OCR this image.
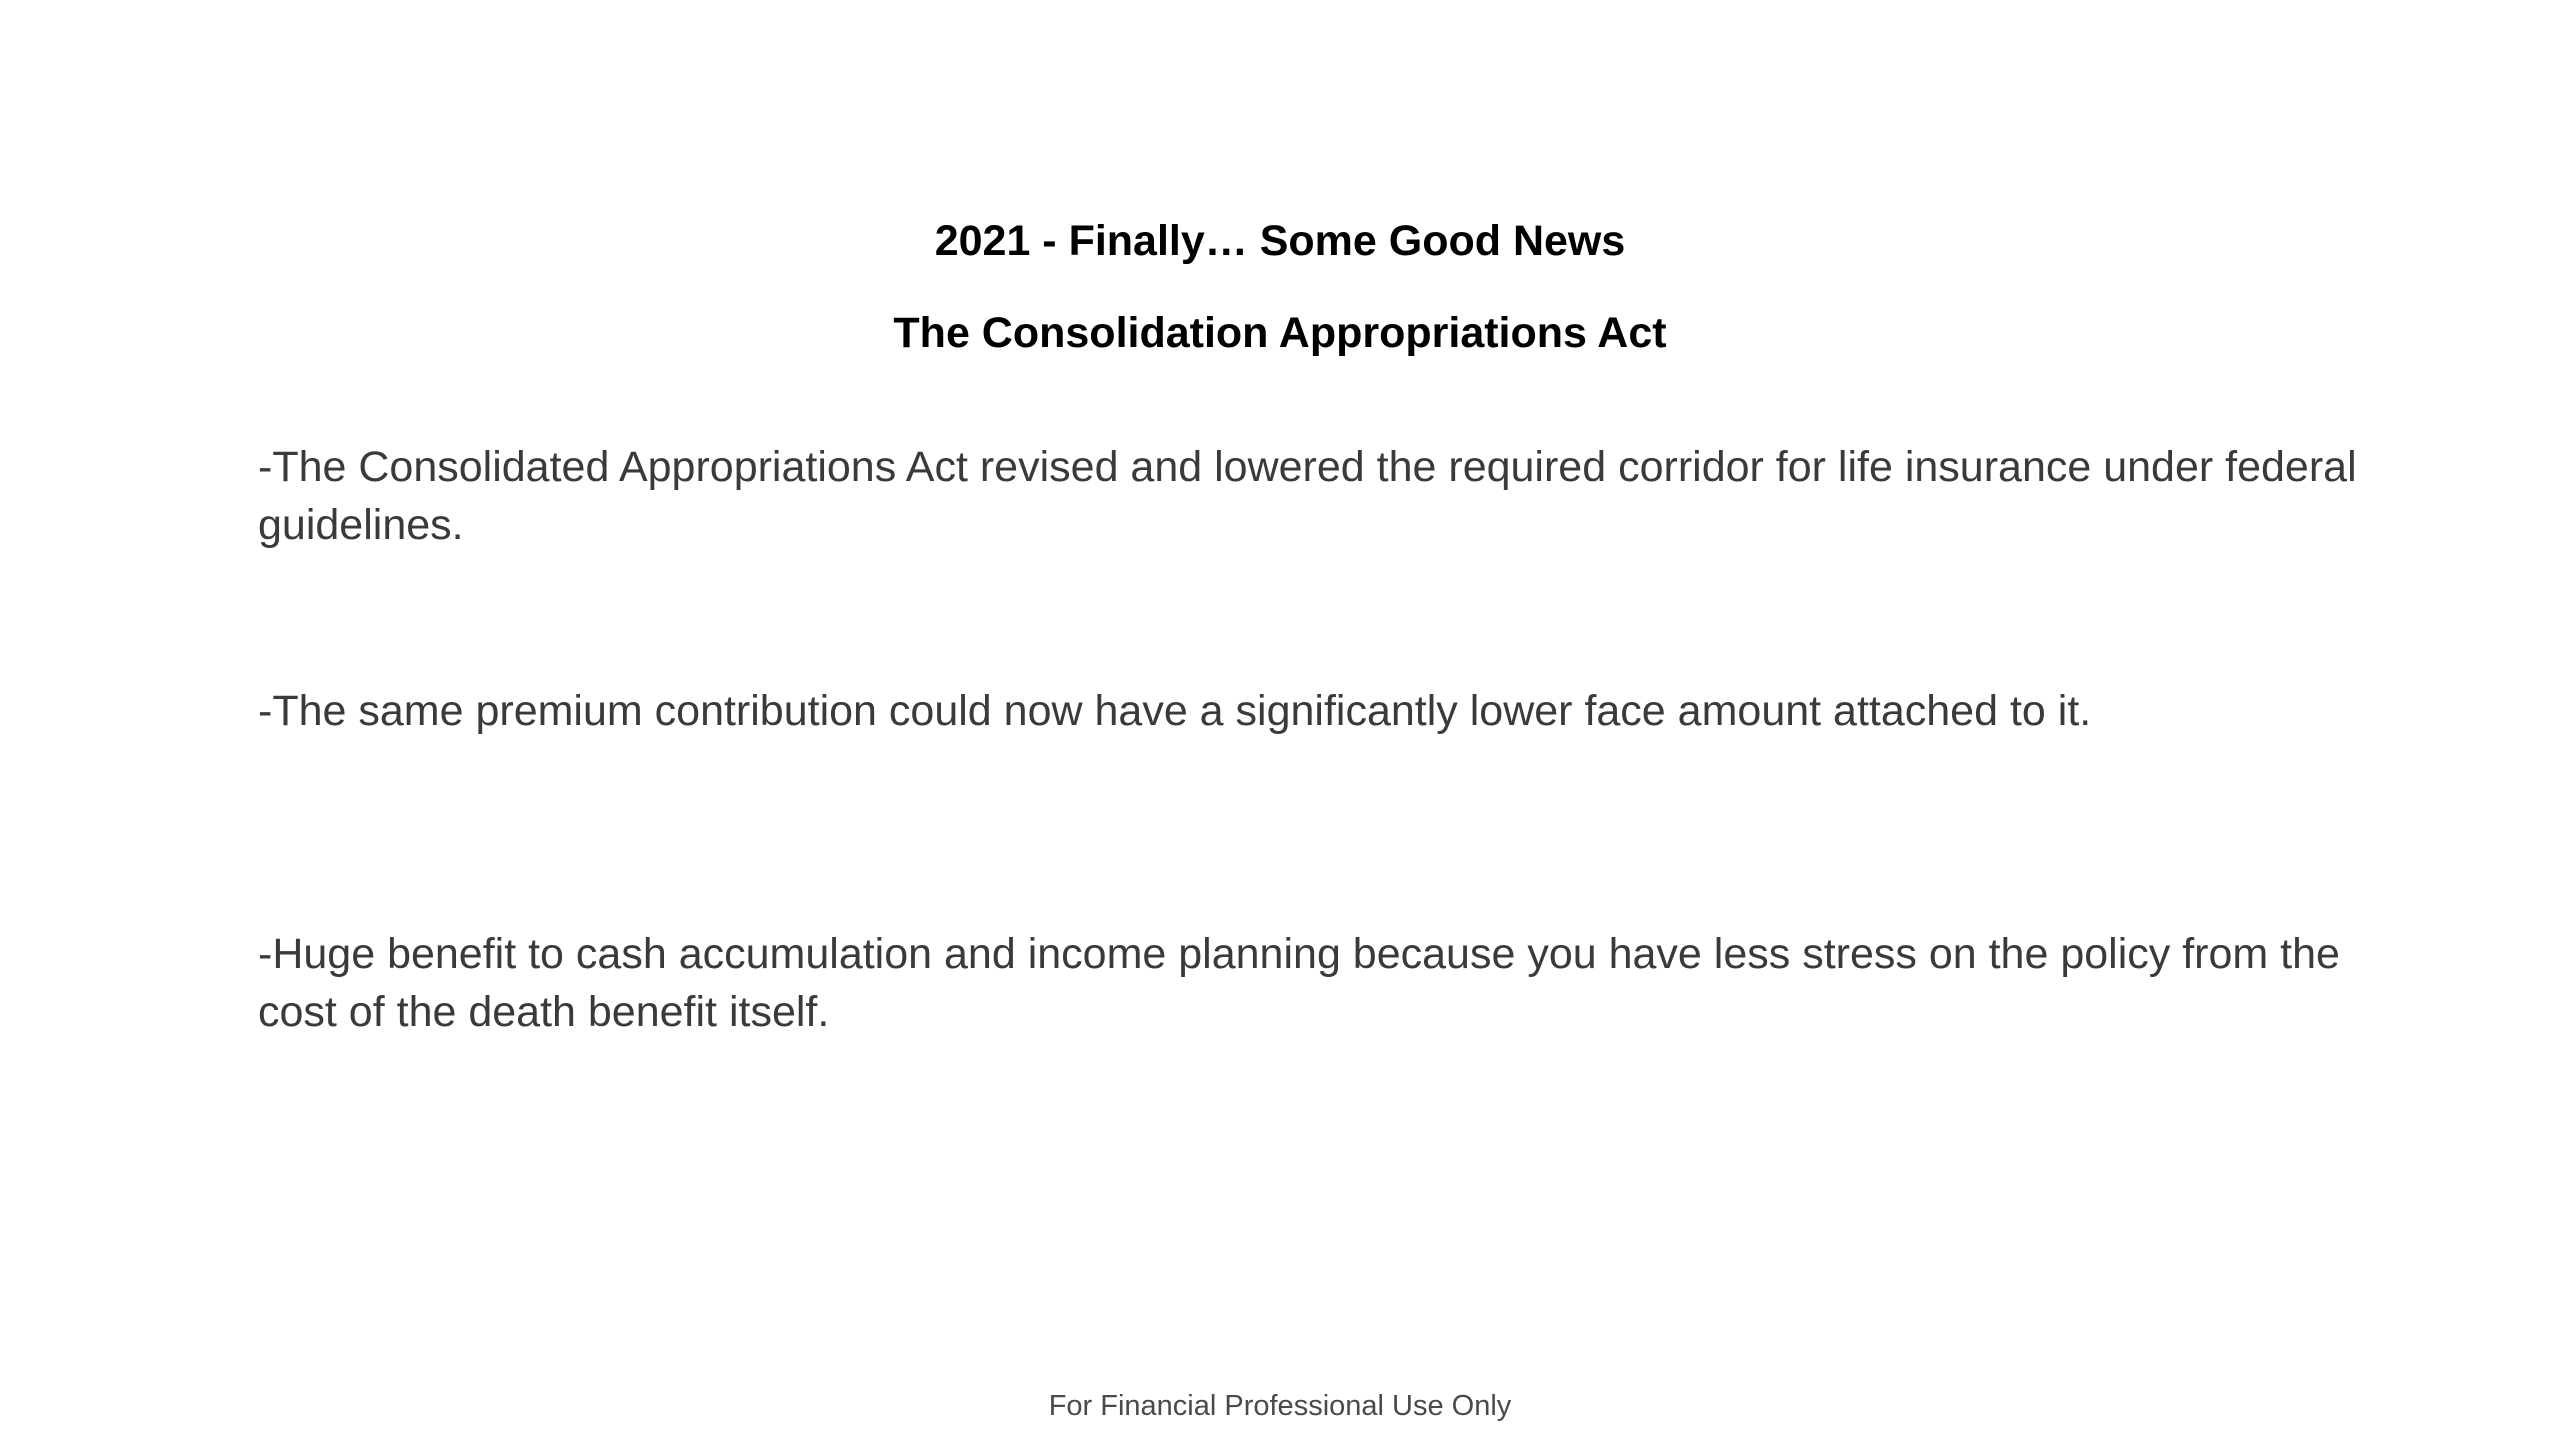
2021 - Finally… Some Good News
The Consolidation Appropriations Act
-The Consolidated Appropriations Act revised and lowered the required corridor for life insurance under federal guidelines.
-The same premium contribution could now have a significantly lower face amount attached to it.
-Huge benefit to cash accumulation and income planning because you have less stress on the policy from the cost of the death benefit itself.
For Financial Professional Use Only
